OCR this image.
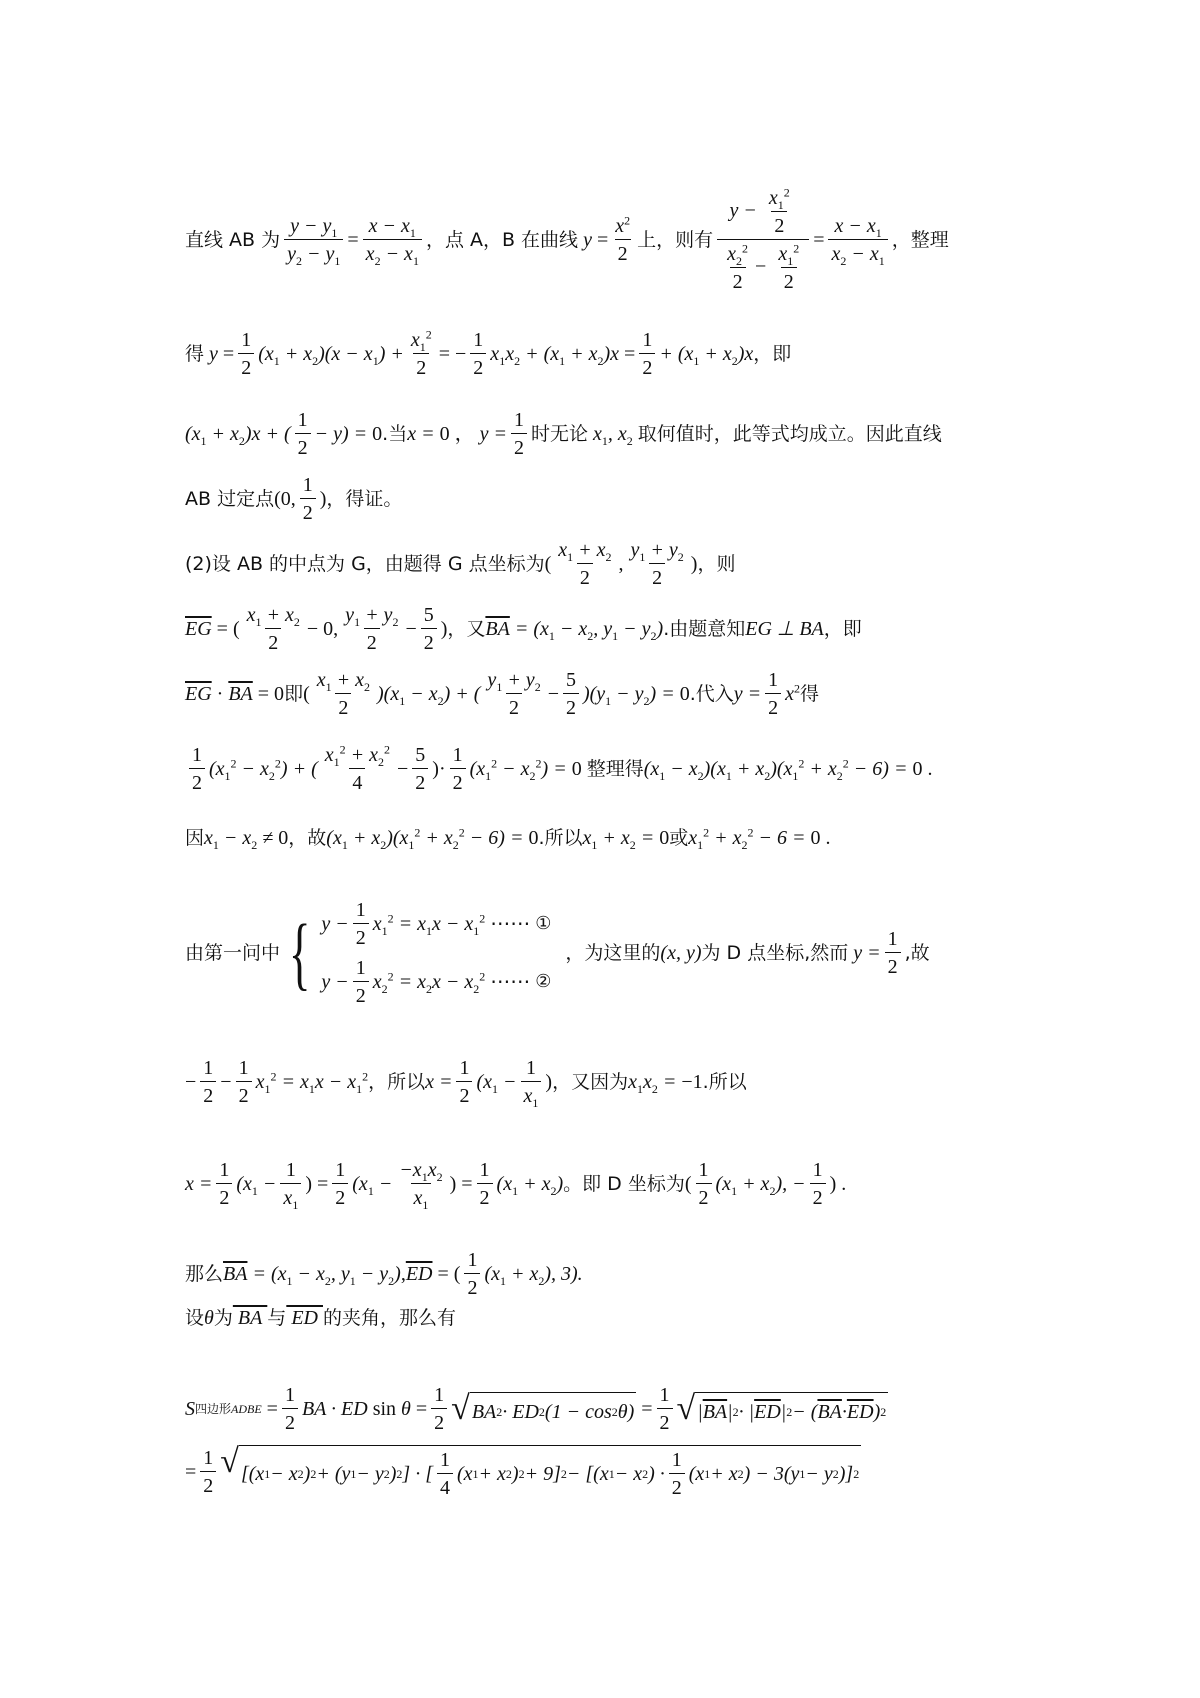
直线 AB 为 $\frac{y - y_1}{y_2 - y_1} = \frac{x - x_1}{x_2 - x_1}$ ，点 A，B 在曲线 $y = \frac{x^2}{2}$ 上，则有 $\frac{y - \frac{x_1^2}{2}}{\frac{x_2^2}{2} - \frac{x_1^2}{2}} = \frac{x - x_1}{x_2 - x_1}$ ，整理
得 $y = \frac{1}{2} (x_1 + x_2)(x - x_1) + \frac{x_1^2}{2}$ = − $\frac{1}{2} x_1x_2 + (x_1 + x_2)x = \frac{1}{2} + (x_1 + x_2)x$ ，即
$(x_1 + x_2)x$ + ( $\frac{1}{2} - y) = 0$ .当 x = 0 ， $y = \frac{1}{2}$ 时无论 $x_1$, $x_2$ 取何值时，此等式均成立。因此直线
AB 过定点 (0, $\frac{1}{2}$ ) ，得证。
(2)设 AB 的中点为 G，由题得 G 点坐标为 ( $\frac{x_1 + x_2}{2}$ , $\frac{y_1 + y_2}{2}$ ) ，则
$\overline{EG}$ = ( $\frac{x_1 + x_2}{2} - 0$, $\frac{y_1 + y_2}{2} - \frac{5}{2}$ ) ，又 $\overline{BA} = (x_1 - x_2$, $y_1 - y_2$) .由题意知 EG ⊥ BA ，即
$\overline{EG} \cdot \overline{BA} = 0$ 即 ( $\frac{x_1 + x_2}{2} )(x_1 - x_2)$ + ( $\frac{y_1 + y_2}{2} - \frac{5}{2} )(y_1 - y_2) = 0$ .代入 $y = \frac{1}{2} x^2$ 得
$\frac{1}{2} (x_1^2 - x_2^2)$ + ( $\frac{x_1^2 + x_2^2}{4} - \frac{5}{2}$ )· $\frac{1}{2} (x_1^2 - x_2^2) = 0$ 整理得 $(x_1 - x_2)(x_1 + x_2)(x_1^2 + x_2^2 - 6) = 0$ .
因 $x_1 - x_2 \ne 0$ ，故 $(x_1 + x_2)(x_1^2 + x_2^2 - 6) = 0$ .所以 $x_1 + x_2 = 0$ 或 $x_1^2 + x_2^2 - 6 = 0$ .
由第一问中 { $y - \frac{1}{2} x_1^2 = x_1x - x_1^2$ ⋯⋯ ①
$y - \frac{1}{2} x_2^2 = x_2x - x_2^2$ ⋯⋯ ②
，为这里的 (x, y) 为 D 点坐标,然而 $y = \frac{1}{2}$ ,故
− $\frac{1}{2} - \frac{1}{2} x_1^2 = x_1x - x_1^2$ ，所以 $x = \frac{1}{2} (x_1 - \frac{1}{x_1}$ ) ，又因为 $x_1x_2 = -1$ .所以
$x = \frac{1}{2} (x_1 - \frac{1}{x_1}$ ) = $\frac{1}{2} (x_1 - \frac{-x_1x_2}{x_1}$ ) = $\frac{1}{2} (x_1 + x_2)$ 。即 D 坐标为 ( $\frac{1}{2} (x_1 + x_2)$, − $\frac{1}{2}$ ) .
那么 $\overline{BA} = (x_1 - x_2$, $y_1 - y_2$) , $\overline{ED}$ = ( $\frac{1}{2} (x_1 + x_2)$, 3).
设 θ 为 BA 与 ED 的夹角，那么有
S 四边形ADBE = $\frac{1}{2}$ BA · ED $\sin \theta = \frac{1}{2}$ √ BA 2 · ED 2 (1 − cos 2 $\theta) = \frac{1}{2}$ √ | $\overline{BA}$ | 2 · | $\overline{ED}$ | 2 − ( $\overline{BA} \cdot \overline{ED}$ ) 2
= $\frac{1}{2}$ √ [(x 1 − x 2 ) 2 + (y 1 − y 2 ) 2 ] · [ $\frac{1}{4} (x$ 1 + x 2 ) 2 + 9] 2 − [(x 1 − x 2 ) · $\frac{1}{2} (x$ 1 + x 2 ) − 3(y 1 − y 2 )] 2
